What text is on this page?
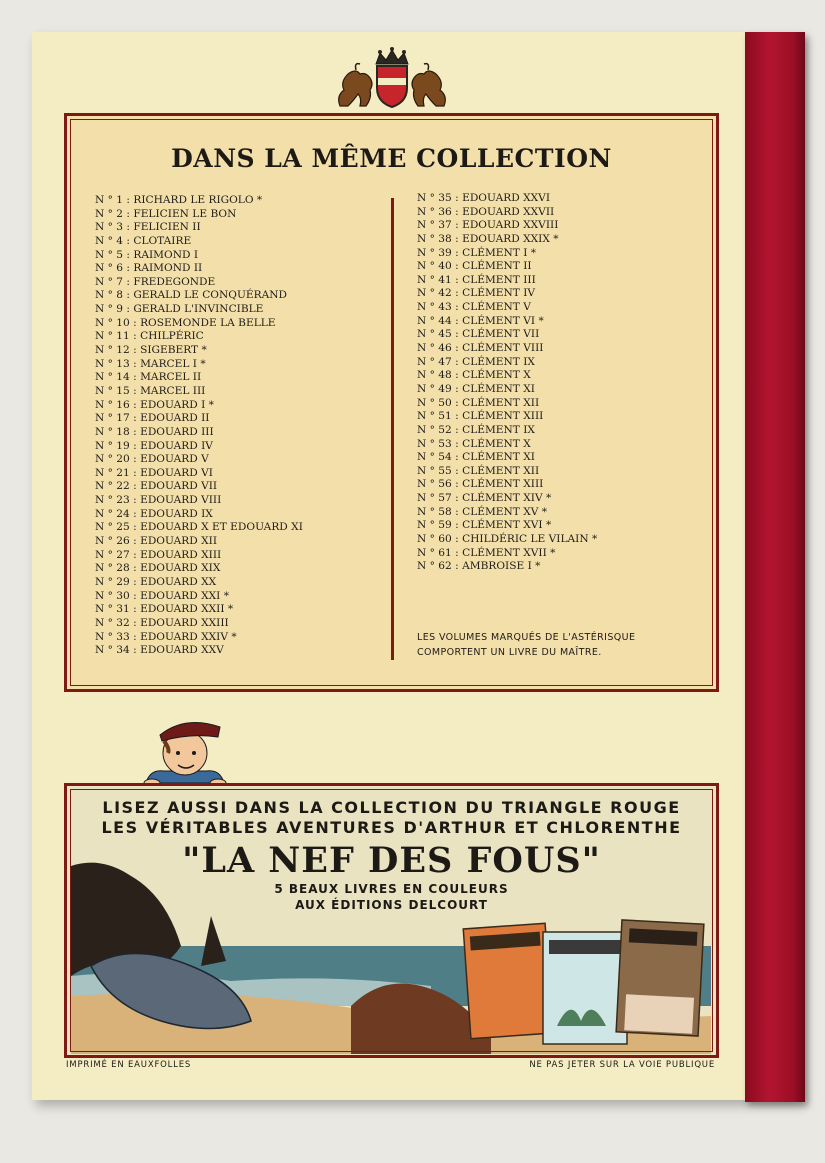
DANS LA MÊME COLLECTION
N ° 1 : RICHARD LE RIGOLO *
N ° 2 : FELICIEN LE BON
N ° 3 : FELICIEN II
N ° 4 : CLOTAIRE
N ° 5 : RAIMOND I
N ° 6 : RAIMOND II
N ° 7 : FREDEGONDE
N ° 8 : GERALD LE CONQUÉRAND
N ° 9 : GERALD L'INVINCIBLE
N ° 10 : ROSEMONDE LA BELLE
N ° 11 : CHILPÉRIC
N ° 12 : SIGEBERT *
N ° 13 : MARCEL I *
N ° 14 : MARCEL II
N ° 15 : MARCEL III
N ° 16 : EDOUARD I *
N ° 17 : EDOUARD II
N ° 18 : EDOUARD III
N ° 19 : EDOUARD IV
N ° 20 : EDOUARD V
N ° 21 : EDOUARD VI
N ° 22 : EDOUARD VII
N ° 23 : EDOUARD VIII
N ° 24 : EDOUARD IX
N ° 25 : EDOUARD X ET EDOUARD XI
N ° 26 : EDOUARD XII
N ° 27 : EDOUARD XIII
N ° 28 : EDOUARD XIX
N ° 29 : EDOUARD XX
N ° 30 : EDOUARD XXI *
N ° 31 : EDOUARD XXII *
N ° 32 : EDOUARD XXIII
N ° 33 : EDOUARD XXIV *
N ° 34 : EDOUARD XXV
N ° 35 : EDOUARD XXVI
N ° 36 : EDOUARD XXVII
N ° 37 : EDOUARD XXVIII
N ° 38 : EDOUARD XXIX *
N ° 39 : CLÉMENT I *
N ° 40 : CLÉMENT II
N ° 41 : CLÉMENT III
N ° 42 : CLÉMENT IV
N ° 43 : CLÉMENT V
N ° 44 : CLÉMENT VI *
N ° 45 : CLÉMENT VII
N ° 46 : CLÉMENT VIII
N ° 47 : CLÉMENT IX
N ° 48 : CLÉMENT X
N ° 49 : CLÉMENT XI
N ° 50 : CLÉMENT XII
N ° 51 : CLÉMENT XIII
N ° 52 : CLÉMENT IX
N ° 53 : CLÉMENT X
N ° 54 : CLÉMENT XI
N ° 55 : CLÉMENT XII
N ° 56 : CLÉMENT XIII
N ° 57 : CLÉMENT XIV *
N ° 58 : CLÉMENT XV *
N ° 59 : CLÉMENT XVI *
N ° 60 : CHILDÉRIC LE VILAIN *
N ° 61 : CLÉMENT XVII *
N ° 62 : AMBROISE I *
LES VOLUMES MARQUÉS DE L'ASTÉRISQUE
COMPORTENT UN LIVRE DU MAÎTRE.
LISEZ AUSSI DANS LA COLLECTION DU TRIANGLE ROUGE
LES VÉRITABLES AVENTURES D'ARTHUR ET CHLORENTHE
"LA NEF DES FOUS"
5 BEAUX LIVRES EN COULEURS
AUX ÉDITIONS DELCOURT
IMPRIMÉ EN EAUXFOLLES	NE PAS JETER SUR LA VOIE PUBLIQUE
